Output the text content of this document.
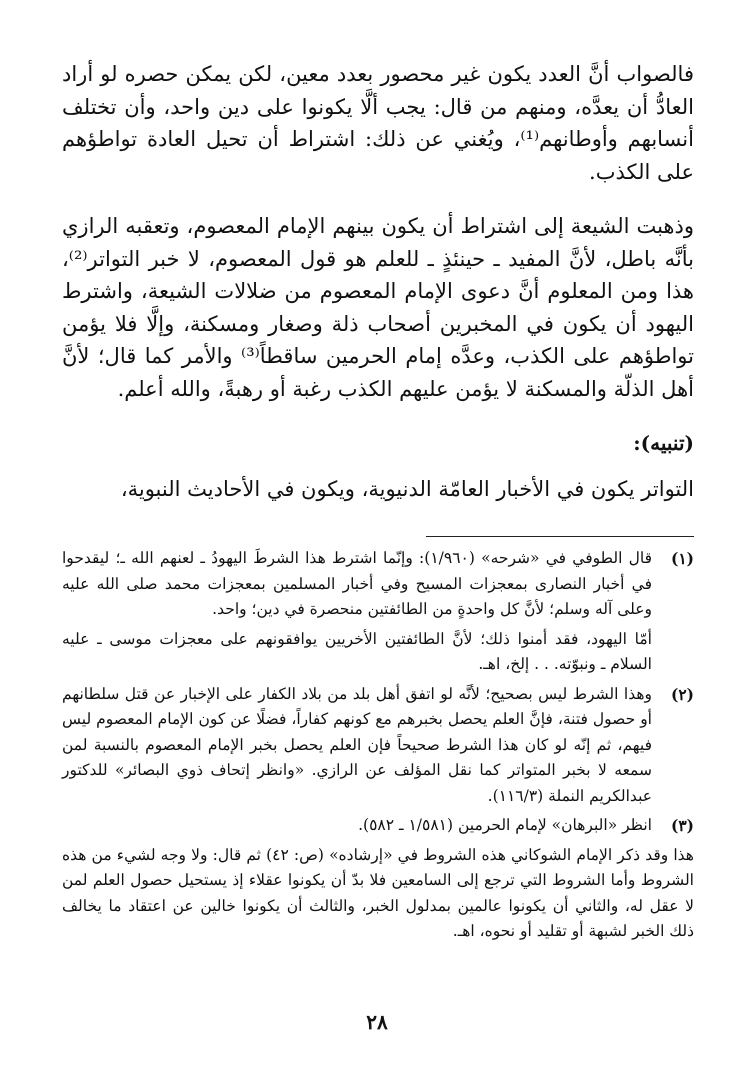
فالصواب أنَّ العدد يكون غير محصور بعدد معين، لكن يمكن حصره لو أراد العادُّ أن يعدَّه، ومنهم من قال: يجب ألَّا يكونوا على دين واحد، وأن تختلف أنسابهم وأوطانهم⁽¹⁾، ويُغني عن ذلك: اشتراط أن تحيل العادة تواطؤهم على الكذب.

وذهبت الشيعة إلى اشتراط أن يكون بينهم الإمام المعصوم، وتعقبه الرازي بأنَّه باطل، لأنَّ المفيد ـ حينئذٍ ـ للعلم هو قول المعصوم، لا خبر التواتر⁽²⁾، هذا ومن المعلوم أنَّ دعوى الإمام المعصوم من ضلالات الشيعة، واشترط اليهود أن يكون في المخبرين أصحاب ذلة وصغار ومسكنة، وإلَّا فلا يؤمن تواطؤهم على الكذب، وعدَّه إمام الحرمين ساقطاً⁽³⁾ والأمر كما قال؛ لأنَّ أهل الذلّة والمسكنة لا يؤمن عليهم الكذب رغبة أو رهبةً، والله أعلم.

(تنبيه):

التواتر يكون في الأخبار العامّة الدنيوية، ويكون في الأحاديث النبوية،

(١)

قال الطوفي في «شرحه» (١/٩٦٠): وإنّما اشترط هذا الشرطَ اليهودُ ـ لعنهم الله ـ؛ ليقدحوا في أخبار النصارى بمعجزات المسيح وفي أخبار المسلمين بمعجزات محمد صلى الله عليه وعلى آله وسلم؛ لأنَّ كل واحدةٍ من الطائفتين منحصرة في دين؛ واحد.

أمّا اليهود، فقد أمنوا ذلك؛ لأنَّ الطائفتين الأخريين يوافقونهم على معجزات موسى ـ عليه السلام ـ ونبوّته. . . إلخ، اهـ.

(٢)

وهذا الشرط ليس بصحيح؛ لأنَّه لو اتفق أهل بلد من بلاد الكفار على الإخبار عن قتل سلطانهم أو حصول فتنة، فإنَّ العلم يحصل بخبرهم مع كونهم كفاراً، فضلًا عن كون الإمام المعصوم ليس فيهم، ثم إنّه لو كان هذا الشرط صحيحاً فإن العلم يحصل بخبر الإمام المعصوم بالنسبة لمن سمعه لا بخبر المتواتر كما نقل المؤلف عن الرازي. «وانظر إتحاف ذوي البصائر» للدكتور عبدالكريم النملة (١١٦/٣).

(٣)

انظر «البرهان» لإمام الحرمين (١/٥٨١ ـ ٥٨٢).

هذا وقد ذكر الإمام الشوكاني هذه الشروط في «إرشاده» (ص: ٤٢) ثم قال: ولا وجه لشيء من هذه الشروط وأما الشروط التي ترجع إلى السامعين فلا بدّ أن يكونوا عقلاء إذ يستحيل حصول العلم لمن لا عقل له، والثاني أن يكونوا عالمين بمدلول الخبر، والثالث أن يكونوا خالين عن اعتقاد ما يخالف ذلك الخبر لشبهة أو تقليد أو نحوه، اهـ.

٢٨
